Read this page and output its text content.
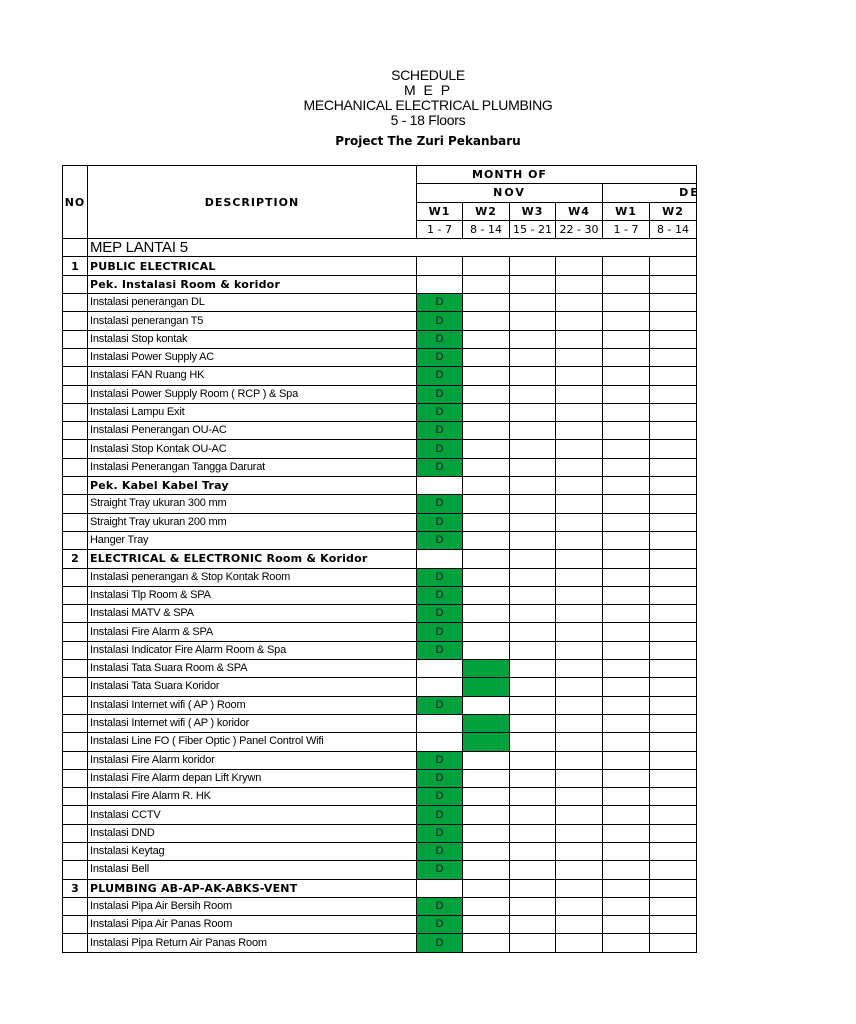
SCHEDULE
M E P
MECHANICAL ELECTRICAL PLUMBING
5 - 18 Floors
Project The Zuri Pekanbaru
NO	DESCRIPTION	MONTH OF					
		NOV				DE	
		W1	W2	W3	W4	W1	W2
		1 - 7	8 - 14	15 - 21	22 - 30	1 - 7	8 - 14
	MEP LANTAI 5						
1	PUBLIC ELECTRICAL						
	Pek. Instalasi Room & koridor						
	Instalasi penerangan DL	D					
	Instalasi penerangan T5	D					
	Instalasi Stop kontak	D					
	Instalasi Power Supply AC	D					
	Instalasi FAN Ruang HK	D					
	Instalasi Power Supply Room ( RCP ) & Spa	D					
	Instalasi Lampu Exit	D					
	Instalasi Penerangan OU-AC	D					
	Instalasi Stop Kontak OU-AC	D					
	Instalasi Penerangan Tangga Darurat	D					
	Pek. Kabel Kabel Tray						
	Straight Tray ukuran 300 mm	D					
	Straight Tray ukuran 200 mm	D					
	Hanger Tray	D					
2	ELECTRICAL & ELECTRONIC Room & Koridor						
	Instalasi penerangan & Stop Kontak Room	D					
	Instalasi Tlp Room & SPA	D					
	Instalasi MATV & SPA	D					
	Instalasi Fire Alarm & SPA	D					
	Instalasi Indicator Fire Alarm Room & Spa	D					
	Instalasi Tata Suara Room & SPA						
	Instalasi Tata Suara Koridor						
	Instalasi Internet wifi ( AP ) Room	D					
	Instalasi Internet wifi ( AP ) koridor						
	Instalasi Line FO ( Fiber Optic ) Panel Control Wifi						
	Instalasi Fire Alarm koridor	D					
	Instalasi Fire Alarm depan Lift Krywn	D					
	Instalasi Fire Alarm R. HK	D					
	Instalasi CCTV	D					
	Instalasi DND	D					
	Instalasi Keytag	D					
	Instalasi Bell	D					
3	PLUMBING AB-AP-AK-ABKS-VENT						
	Instalasi Pipa Air Bersih Room	D					
	Instalasi Pipa Air Panas Room	D					
	Instalasi Pipa Return Air Panas Room	D					
